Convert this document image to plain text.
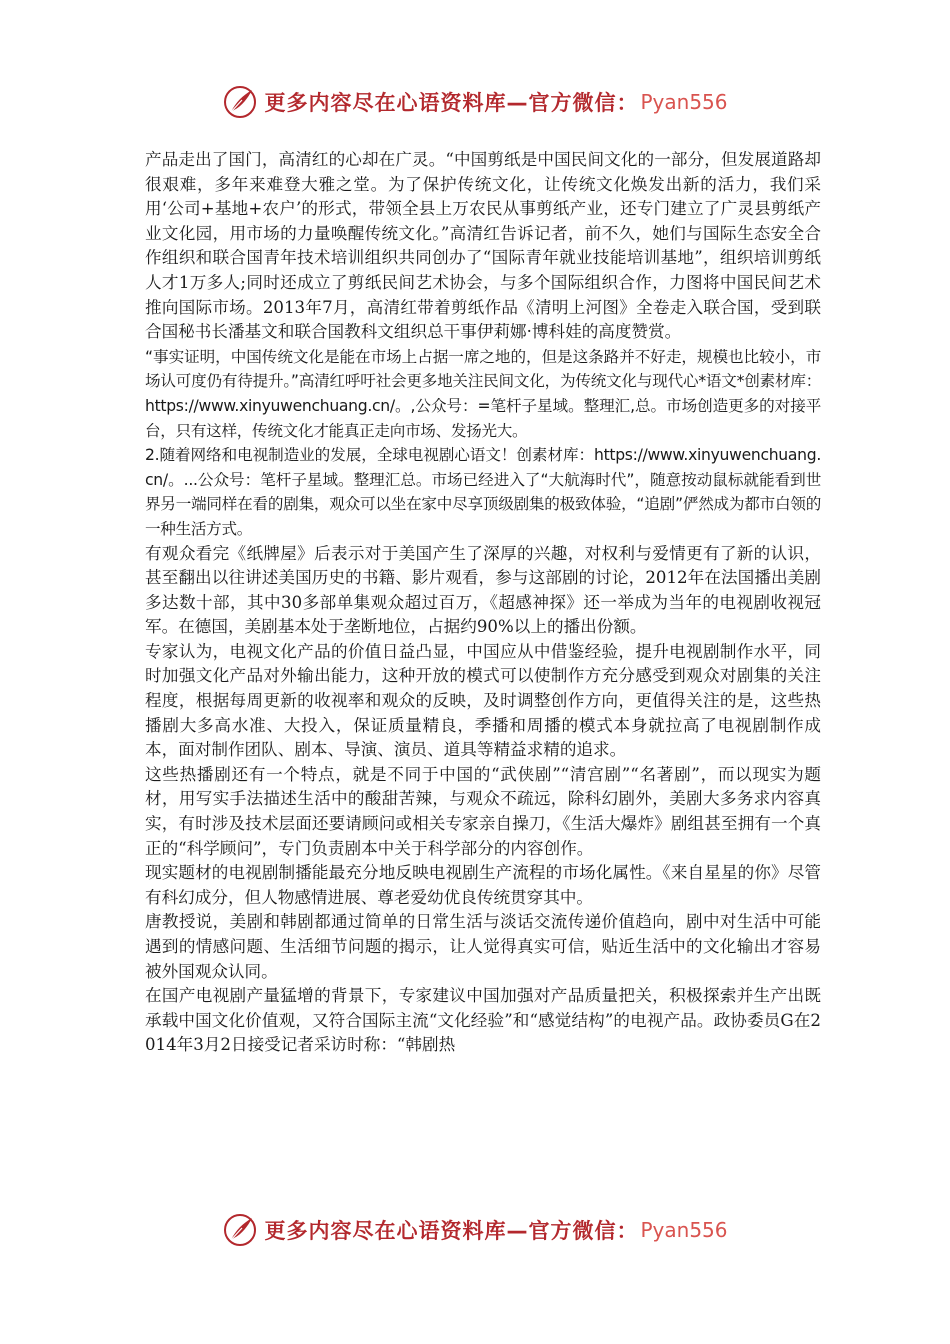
更多内容尽在心语资料库—官方微信： Pyan556

产品走出了国门，高清红的心却在广灵。“中国剪纸是中国民间文化的一部分，但发展道路却很艰难，多年来难登大雅之堂。为了保护传统文化，让传统文化焕发出新的活力，我们采用‘公司+基地+农户’的形式，带领全县上万农民从事剪纸产业，还专门建立了广灵县剪纸产业文化园，用市场的力量唤醒传统文化。”高清红告诉记者，前不久，她们与国际生态安全合作组织和联合国青年技术培训组织共同创办了“国际青年就业技能培训基地”，组织培训剪纸人才1万多人;同时还成立了剪纸民间艺术协会，与多个国际组织合作，力图将中国民间艺术推向国际市场。2013年7月，高清红带着剪纸作品《清明上河图》全卷走入联合国，受到联合国秘书长潘基文和联合国教科文组织总干事伊莉娜·博科娃的高度赞赏。

“事实证明，中国传统文化是能在市场上占据一席之地的，但是这条路并不好走，规模也比较小，市场认可度仍有待提升。”高清红呼吁社会更多地关注民间文化，为传统文化与现代心*语文*创素材库：https://www.xinyuwenchuang.cn/。,公众号：=笔杆子星域。整理汇,总。市场创造更多的对接平台，只有这样，传统文化才能真正走向市场、发扬光大。

2.随着网络和电视制造业的发展，全球电视剧心语文！创素材库：https://www.xinyuwenchuang.cn/。...公众号：笔杆子星域。整理汇总。市场已经进入了“大航海时代”，随意按动鼠标就能看到世界另一端同样在看的剧集，观众可以坐在家中尽享顶级剧集的极致体验，“追剧”俨然成为都市白领的一种生活方式。

有观众看完《纸牌屋》后表示对于美国产生了深厚的兴趣，对权利与爱情更有了新的认识，甚至翻出以往讲述美国历史的书籍、影片观看，参与这部剧的讨论，2012年在法国播出美剧多达数十部，其中30多部单集观众超过百万，《超感神探》还一举成为当年的电视剧收视冠军。在德国，美剧基本处于垄断地位，占据约90%以上的播出份额。

专家认为，电视文化产品的价值日益凸显，中国应从中借鉴经验，提升电视剧制作水平，同时加强文化产品对外输出能力，这种开放的模式可以使制作方充分感受到观众对剧集的关注程度，根据每周更新的收视率和观众的反映，及时调整创作方向，更值得关注的是，这些热播剧大多高水准、大投入，保证质量精良，季播和周播的模式本身就拉高了电视剧制作成本，面对制作团队、剧本、导演、演员、道具等精益求精的追求。

这些热播剧还有一个特点，就是不同于中国的“武侠剧”“清宫剧”“名著剧”，而以现实为题材，用写实手法描述生活中的酸甜苦辣，与观众不疏远，除科幻剧外，美剧大多务求内容真实，有时涉及技术层面还要请顾问或相关专家亲自操刀，《生活大爆炸》剧组甚至拥有一个真正的“科学顾问”，专门负责剧本中关于科学部分的内容创作。

现实题材的电视剧制播能最充分地反映电视剧生产流程的市场化属性。《来自星星的你》尽管有科幻成分，但人物感情进展、尊老爱幼优良传统贯穿其中。

唐教授说，美剧和韩剧都通过简单的日常生活与淡话交流传递价值趋向，剧中对生活中可能遇到的情感问题、生活细节问题的揭示，让人觉得真实可信，贴近生活中的文化输出才容易被外国观众认同。

在国产电视剧产量猛增的背景下，专家建议中国加强对产品质量把关，积极探索并生产出既承载中国文化价值观，又符合国际主流“文化经验”和“感觉结构”的电视产品。政协委员G在2014年3月2日接受记者采访时称：“韩剧热

更多内容尽在心语资料库—官方微信： Pyan556
